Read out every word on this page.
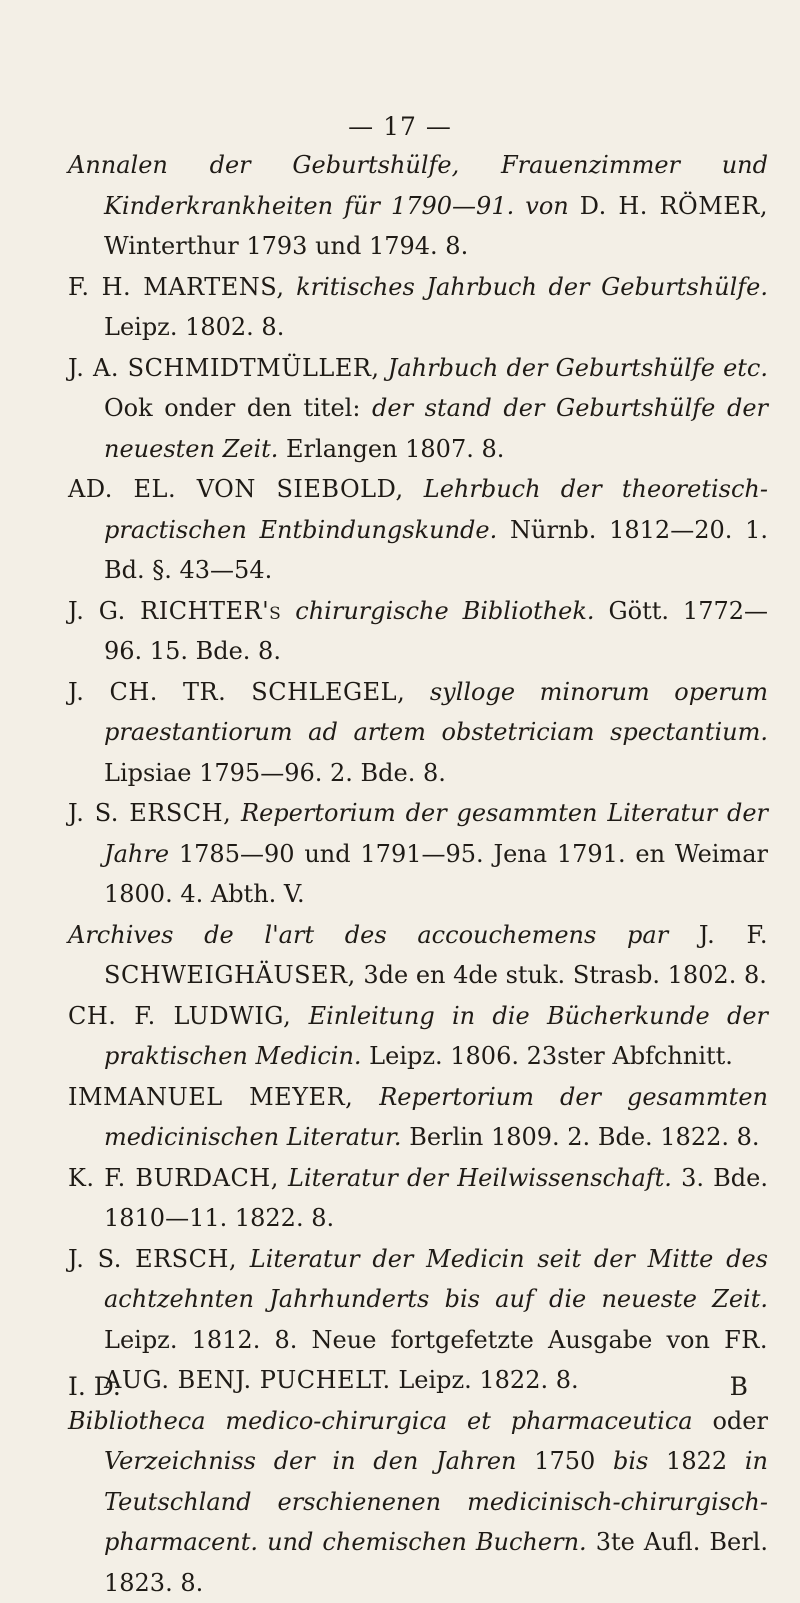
— 17 —

Annalen der Geburtshülfe, Frauenzimmer und Kinderkrankheiten für 1790—91. von D. H. RÖMER, Winterthur 1793 und 1794. 8.

F. H. MARTENS, kritisches Jahrbuch der Geburtshülfe. Leipz. 1802. 8.

J. A. SCHMIDTMÜLLER, Jahrbuch der Geburtshülfe etc. Ook onder den titel: der stand der Geburtshülfe der neuesten Zeit. Erlangen 1807. 8.

AD. EL. VON SIEBOLD, Lehrbuch der theoretisch-practischen Entbindungskunde. Nürnb. 1812—20. 1. Bd. §. 43—54.

J. G. RICHTER's chirurgische Bibliothek. Gött. 1772—96. 15. Bde. 8.

J. CH. TR. SCHLEGEL, sylloge minorum operum praestantiorum ad artem obstetriciam spectantium. Lipsiae 1795—96. 2. Bde. 8.

J. S. ERSCH, Repertorium der gesammten Literatur der Jahre 1785—90 und 1791—95. Jena 1791. en Weimar 1800. 4. Abth. V.

Archives de l'art des accouchemens par J. F. SCHWEIGHÄUSER, 3de en 4de stuk. Strasb. 1802. 8.

CH. F. LUDWIG, Einleitung in die Bücherkunde der praktischen Medicin. Leipz. 1806. 23ster Abfchnitt.

IMMANUEL MEYER, Repertorium der gesammten medicinischen Literatur. Berlin 1809. 2. Bde. 1822. 8.

K. F. BURDACH, Literatur der Heilwissenschaft. 3. Bde. 1810—11. 1822. 8.

J. S. ERSCH, Literatur der Medicin seit der Mitte des achtzehnten Jahrhunderts bis auf die neueste Zeit. Leipz. 1812. 8. Neue fortgefetzte Ausgabe von FR. AUG. BENJ. PUCHELT. Leipz. 1822. 8.

Bibliotheca medico-chirurgica et pharmaceutica oder Verzeichniss der in den Jahren 1750 bis 1822 in Teutschland erschienenen medicinisch-chirurgisch-pharmacent. und chemischen Buchern. 3te Aufl. Berl. 1823. 8.

I. D.	B
